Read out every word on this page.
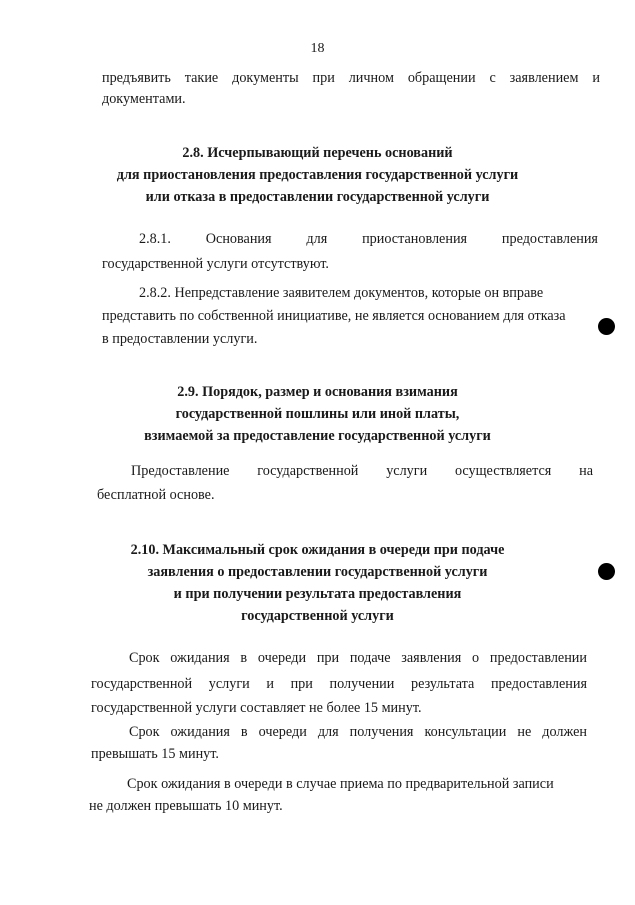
18
предъявить такие документы при личном обращении с заявлением и
документами.
2.8. Исчерпывающий перечень оснований
для приостановления предоставления государственной услуги
или отказа в предоставлении государственной услуги
2.8.1. Основания для приостановления предоставления
государственной услуги отсутствуют.
2.8.2. Непредставление заявителем документов, которые он вправе
представить по собственной инициативе, не является основанием для отказа
в предоставлении услуги.
2.9. Порядок, размер и основания взимания
государственной пошлины или иной платы,
взимаемой за предоставление государственной услуги
Предоставление государственной услуги осуществляется на
бесплатной основе.
2.10. Максимальный срок ожидания в очереди при подаче
заявления о предоставлении государственной услуги
и при получении результата предоставления
государственной услуги
Срок ожидания в очереди при подаче заявления о предоставлении
государственной услуги и при получении результата предоставления
государственной услуги составляет не более 15 минут.
Срок ожидания в очереди для получения консультации не должен
превышать 15 минут.
Срок ожидания в очереди в случае приема по предварительной записи
не должен превышать 10 минут.
